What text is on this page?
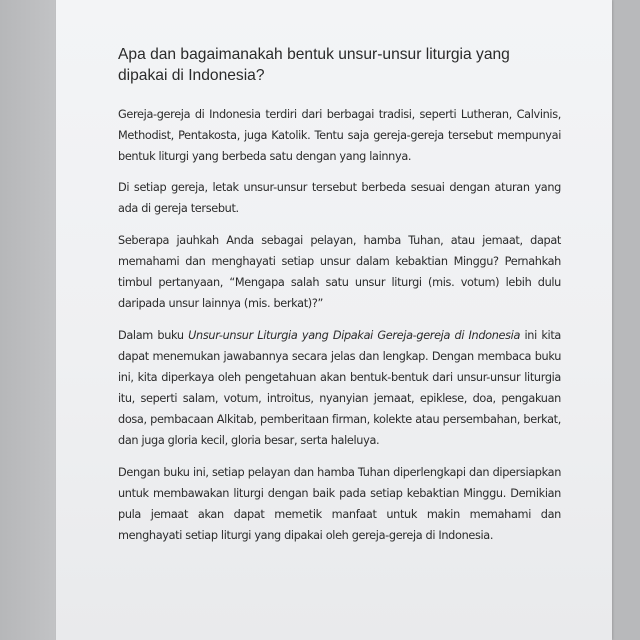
Apa dan bagaimanakah bentuk unsur-unsur liturgia yang dipakai di Indonesia?

Gereja-gereja di Indonesia terdiri dari berbagai tradisi, seperti Lutheran, Calvinis, Methodist, Pentakosta, juga Katolik. Tentu saja gereja-gereja tersebut mempunyai bentuk liturgi yang berbeda satu dengan yang lainnya.

Di setiap gereja, letak unsur-unsur tersebut berbeda sesuai dengan aturan yang ada di gereja tersebut.

Seberapa jauhkah Anda sebagai pelayan, hamba Tuhan, atau jemaat, dapat memahami dan menghayati setiap unsur dalam kebaktian Minggu? Pernahkah timbul pertanyaan, “Mengapa salah satu unsur liturgi (mis. votum) lebih dulu daripada unsur lainnya (mis. berkat)?”

Dalam buku Unsur-unsur Liturgia yang Dipakai Gereja-gereja di Indonesia ini kita dapat menemukan jawabannya secara jelas dan lengkap. Dengan membaca buku ini, kita diperkaya oleh pengetahuan akan bentuk-bentuk dari unsur-unsur liturgia itu, seperti salam, votum, introitus, nyanyian jemaat, epiklese, doa, pengakuan dosa, pembacaan Alkitab, pemberitaan firman, kolekte atau persembahan, berkat, dan juga gloria kecil, gloria besar, serta haleluya.

Dengan buku ini, setiap pelayan dan hamba Tuhan diperlengkapi dan dipersiapkan untuk membawakan liturgi dengan baik pada setiap kebaktian Minggu. Demikian pula jemaat akan dapat memetik manfaat untuk makin memahami dan menghayati setiap liturgi yang dipakai oleh gereja-gereja di Indonesia.
